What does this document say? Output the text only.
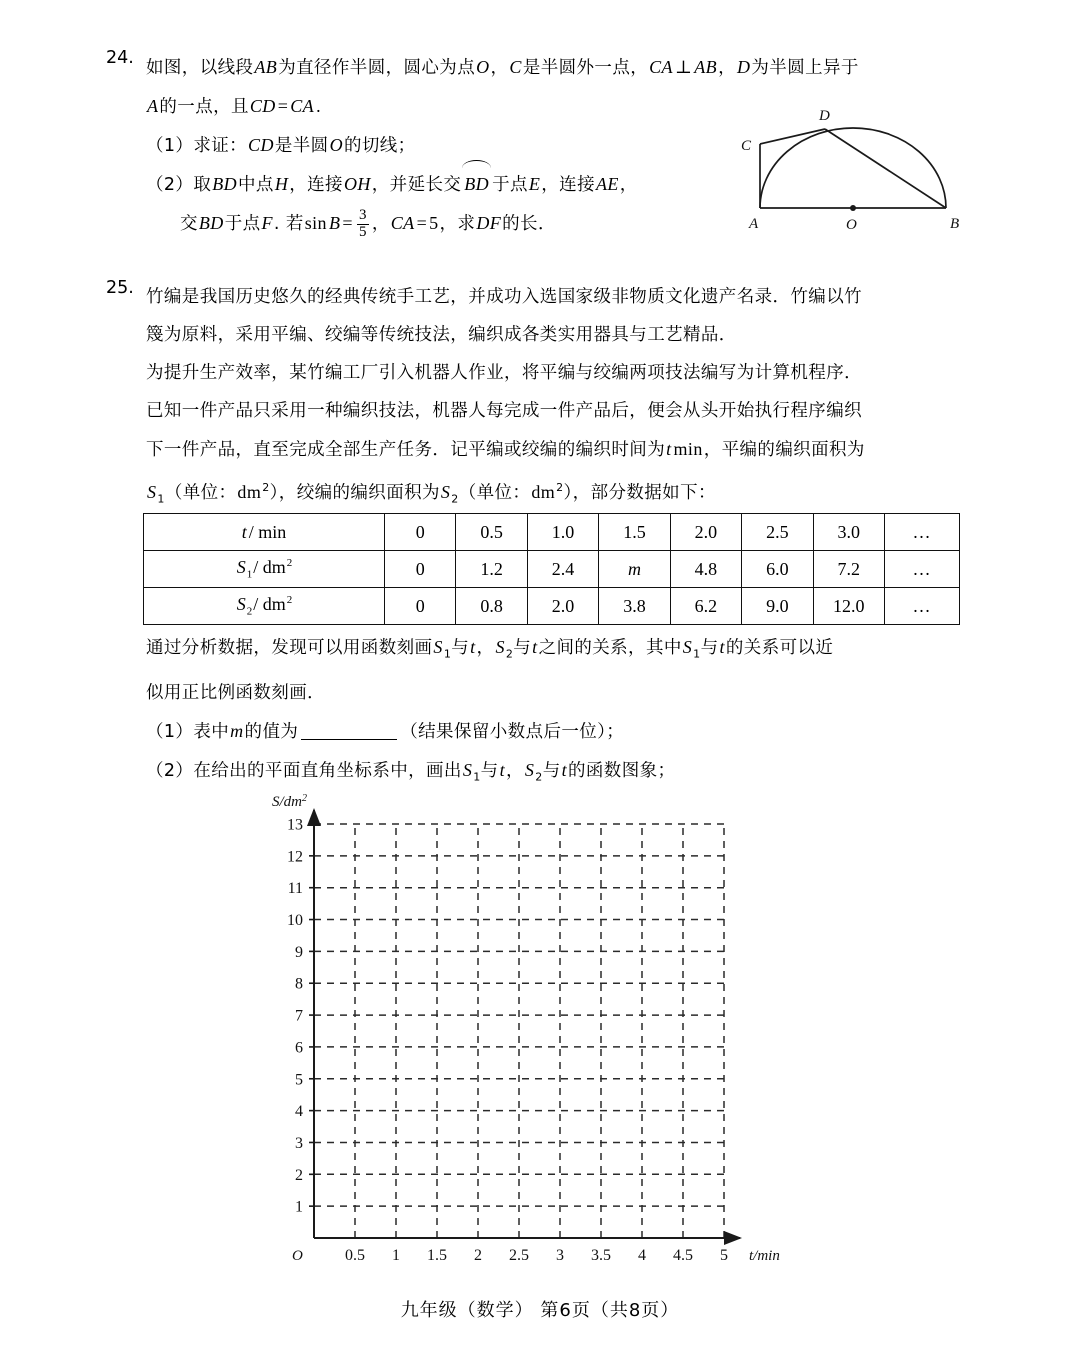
24. 如图，以线段AB为直径作半圆，圆心为点O，C是半圆外一点，CA ⊥ AB，D为半圆上异于
A的一点，且CD = CA .
（1）求证：CD是半圆O的切线；
（2）取BD中点H，连接OH，并延长交 BD 于点E，连接AE，
交BD于点F. 若$\sin B = \frac{3}{5}$ ，CA = 5，求DF的长．	A	B
C
D
O
25. 竹编是我国历史悠久的经典传统手工艺，并成功入选国家级非物质文化遗产名录．竹编以竹
篾为原料，采用平编、绞编等传统技法，编织成各类实用器具与工艺精品．
为提升生产效率，某竹编工厂引入机器人作业，将平编与绞编两项技法编写为计算机程序．
已知一件产品只采用一种编织技法，机器人每完成一件产品后，便会从头开始执行程序编织
下一件产品，直至完成全部生产任务．记平编或绞编的编织时间为t min，平编的编织面积为
$S_1$（单位：$dm^2$），绞编的编织面积为$S_2$（单位：$dm^2$），部分数据如下：
t / min	0	0.5	1.0	1.5	2.0	2.5	3.0	…
$S_1/$ $dm^2$	0	1.2	2.4	m	4.8	6.0	7.2	…
$S_2/$ $dm^2$	0	0.8	2.0	3.8	6.2	9.0	12.0	…
通过分析数据，发现可以用函数刻画$S_1$与t，$S_2$与t之间的关系，其中$S_1$与t的关系可以近
似用正比例函数刻画．
（1）表中m的值为	（结果保留小数点后一位）；
（2）在给出的平面直角坐标系中，画出$S_1$与t，$S_2$与t的函数图象；
1
2
3
4
5
6
7
8
9
10
11
12
13
0.5 1 1.5 2 2.5 3 3.5 4 4.5 5
$S/dm^2$
t/min
O
九年级（数学） 第6页（共8页）
